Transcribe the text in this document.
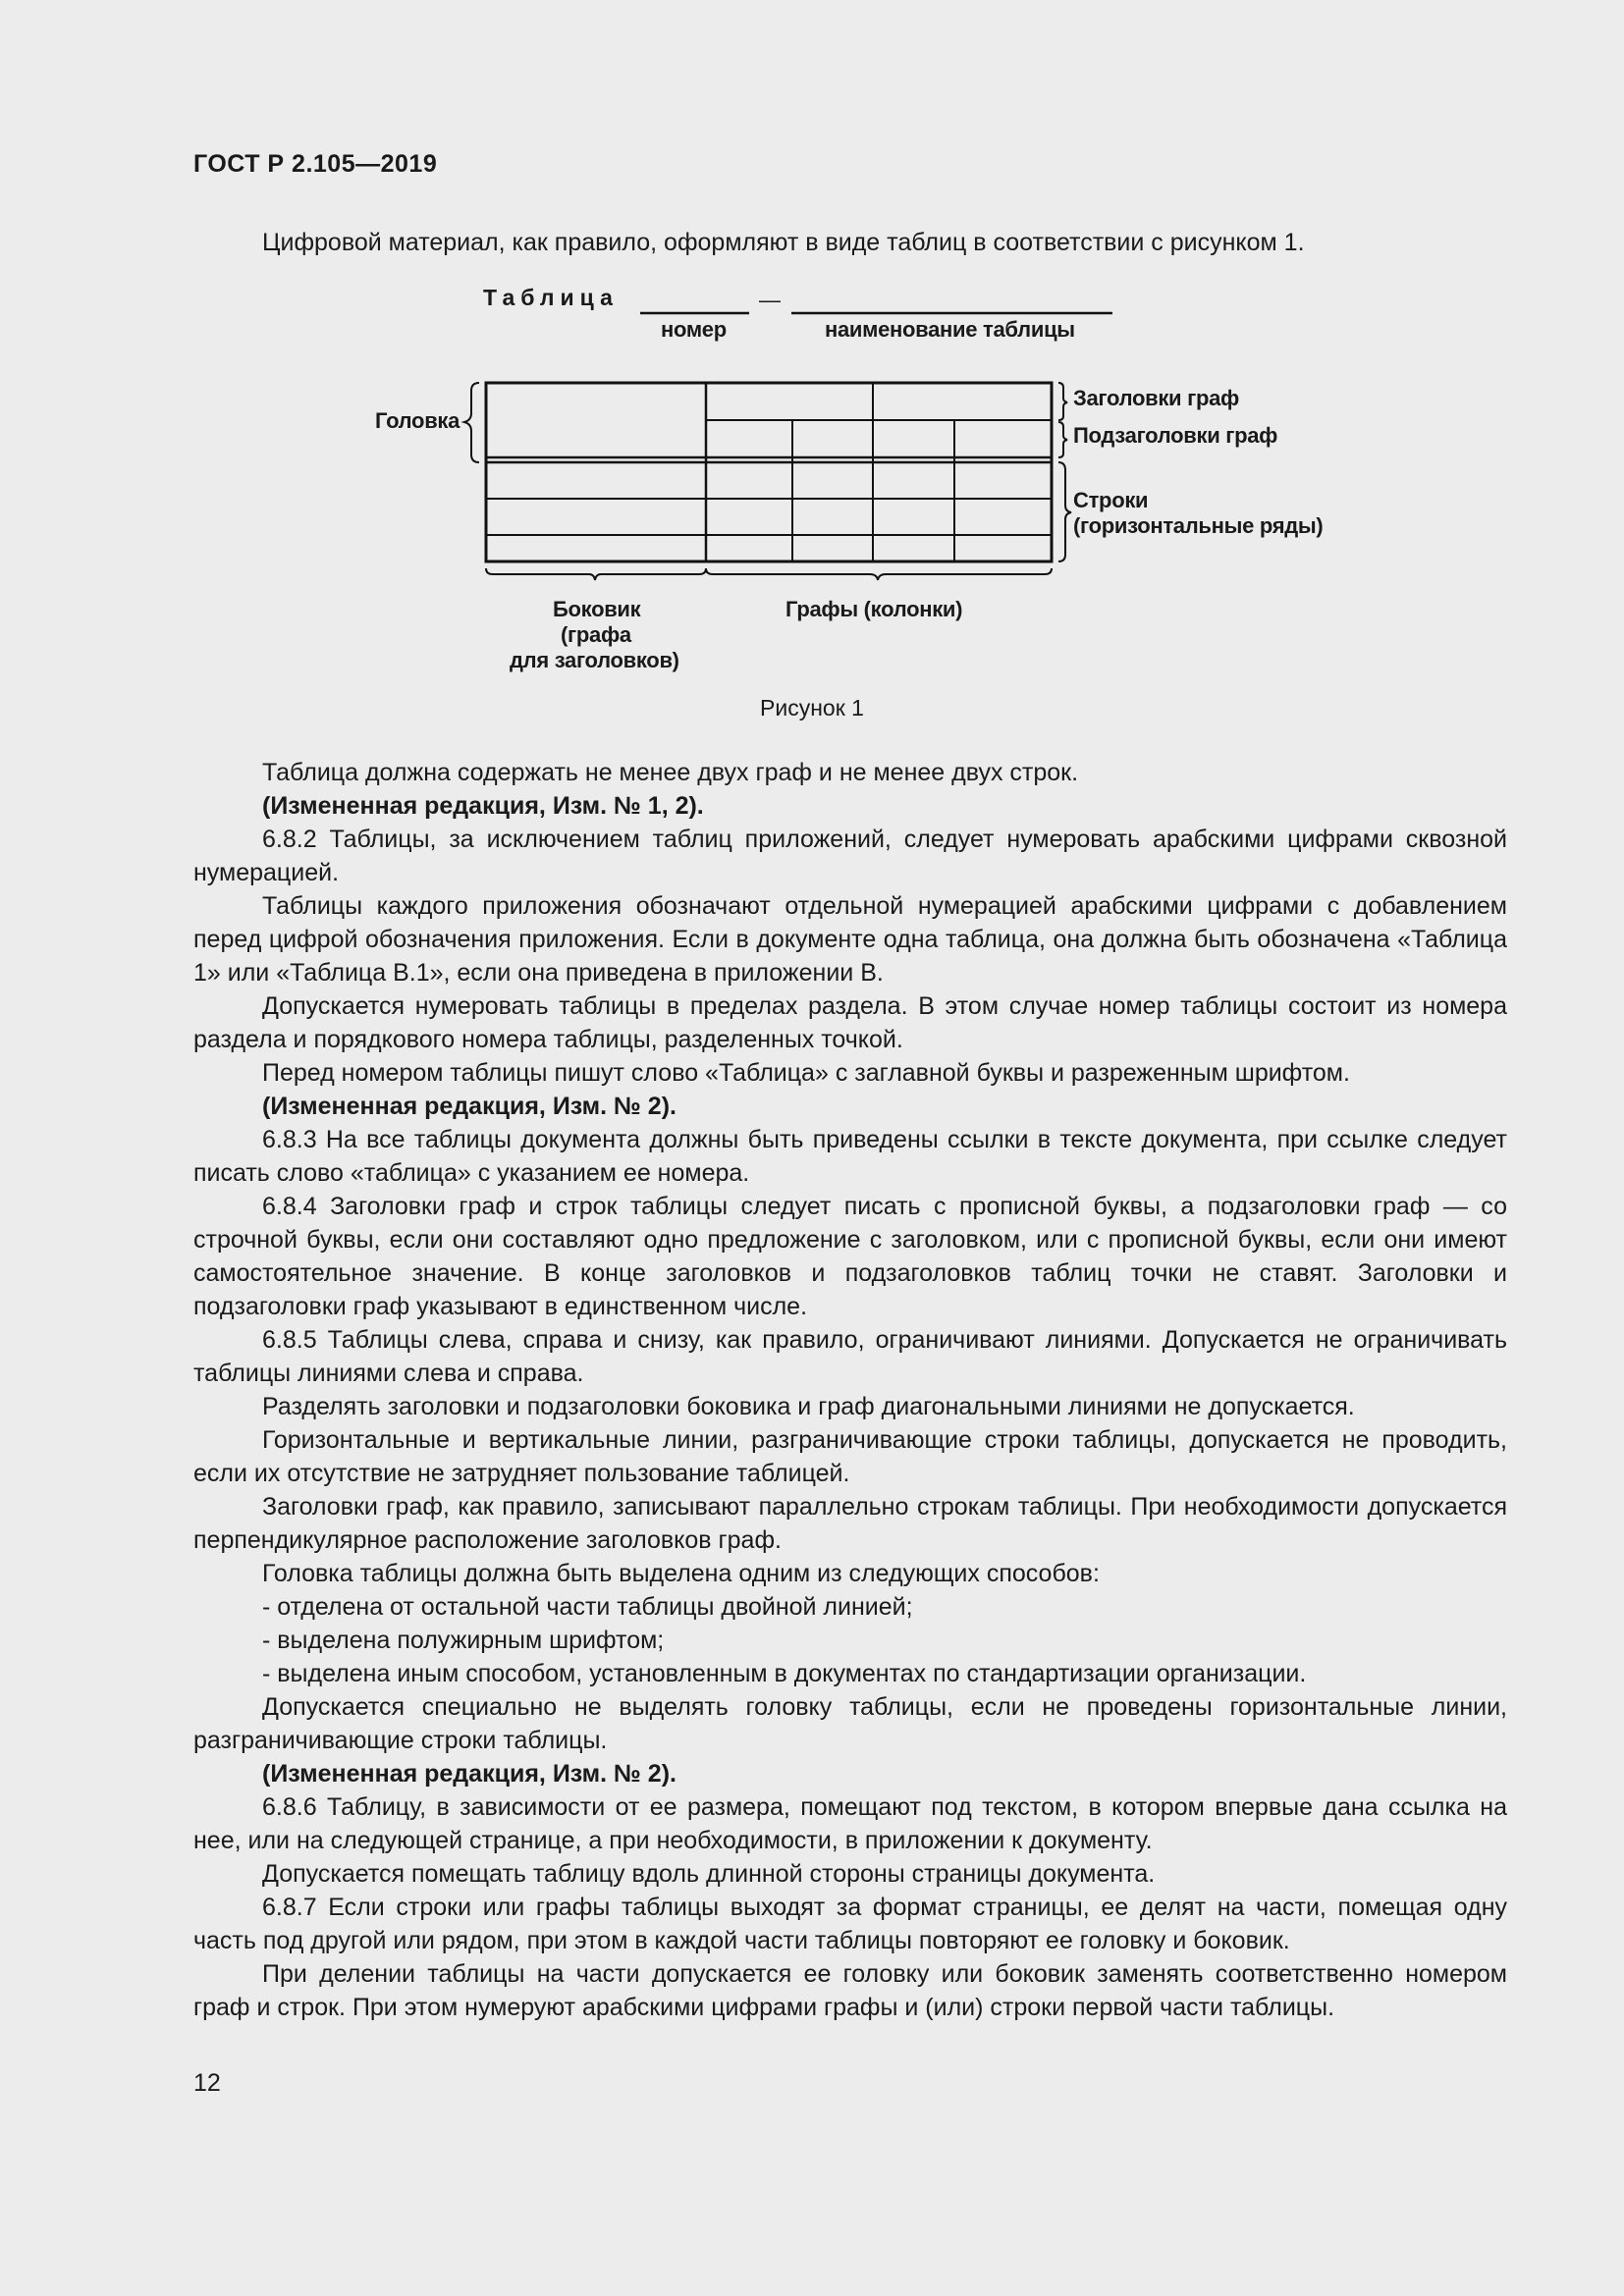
ГОСТ Р 2.105—2019
Цифровой материал, как правило, оформляют в виде таблиц в соответствии с рисунком 1.
Таблица	—
номер	наименование таблицы
Головка
Заголовки граф
Подзаголовки граф
Строки
(горизонтальные ряды)
Боковик
(графа
для заголовков)
Графы (колонки)
Рисунок 1

Таблица должна содержать не менее двух граф и не менее двух строк.

(Измененная редакция, Изм. № 1, 2).

6.8.2 Таблицы, за исключением таблиц приложений, следует нумеровать арабскими цифрами сквозной нумерацией.

Таблицы каждого приложения обозначают отдельной нумерацией арабскими цифрами с добавлением перед цифрой обозначения приложения. Если в документе одна таблица, она должна быть обозначена «Таблица 1» или «Таблица В.1», если она приведена в приложении В.

Допускается нумеровать таблицы в пределах раздела. В этом случае номер таблицы состоит из номера раздела и порядкового номера таблицы, разделенных точкой.

Перед номером таблицы пишут слово «Таблица» с заглавной буквы и разреженным шрифтом.

(Измененная редакция, Изм. № 2).

6.8.3 На все таблицы документа должны быть приведены ссылки в тексте документа, при ссылке следует писать слово «таблица» с указанием ее номера.

6.8.4 Заголовки граф и строк таблицы следует писать с прописной буквы, а подзаголовки граф — со строчной буквы, если они составляют одно предложение с заголовком, или с прописной буквы, если они имеют самостоятельное значение. В конце заголовков и подзаголовков таблиц точки не ставят. Заголовки и подзаголовки граф указывают в единственном числе.

6.8.5 Таблицы слева, справа и снизу, как правило, ограничивают линиями. Допускается не ограничивать таблицы линиями слева и справа.

Разделять заголовки и подзаголовки боковика и граф диагональными линиями не допускается.

Горизонтальные и вертикальные линии, разграничивающие строки таблицы, допускается не проводить, если их отсутствие не затрудняет пользование таблицей.

Заголовки граф, как правило, записывают параллельно строкам таблицы. При необходимости допускается перпендикулярное расположение заголовков граф.

Головка таблицы должна быть выделена одним из следующих способов:

- отделена от остальной части таблицы двойной линией;

- выделена полужирным шрифтом;

- выделена иным способом, установленным в документах по стандартизации организации.

Допускается специально не выделять головку таблицы, если не проведены горизонтальные линии, разграничивающие строки таблицы.

(Измененная редакция, Изм. № 2).

6.8.6 Таблицу, в зависимости от ее размера, помещают под текстом, в котором впервые дана ссылка на нее, или на следующей странице, а при необходимости, в приложении к документу.

Допускается помещать таблицу вдоль длинной стороны страницы документа.

6.8.7 Если строки или графы таблицы выходят за формат страницы, ее делят на части, помещая одну часть под другой или рядом, при этом в каждой части таблицы повторяют ее головку и боковик.

При делении таблицы на части допускается ее головку или боковик заменять соответственно номером граф и строк. При этом нумеруют арабскими цифрами графы и (или) строки первой части таблицы.

12
